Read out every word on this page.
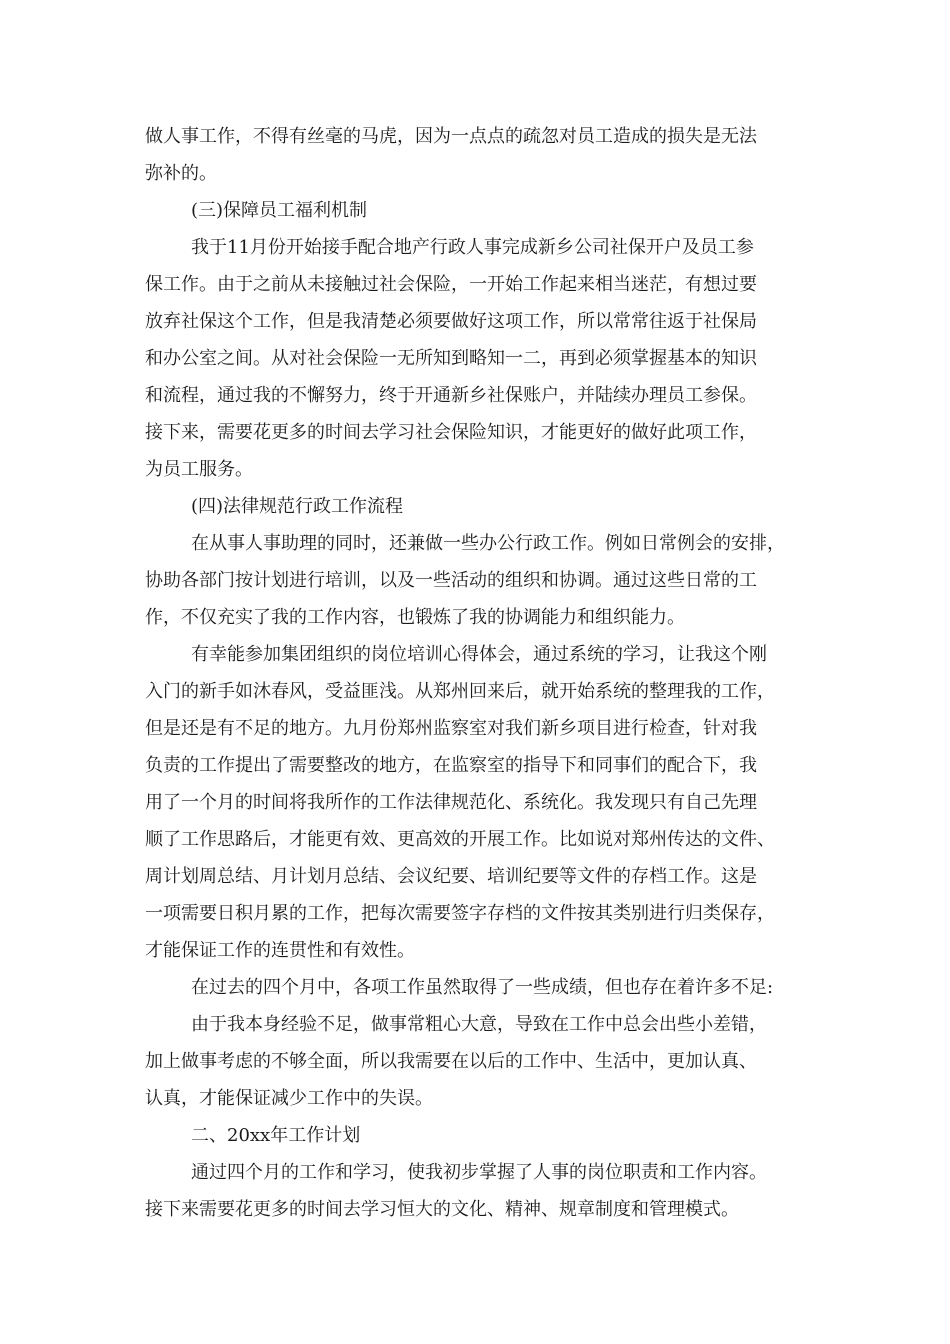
做人事工作，不得有丝毫的马虎，因为一点点的疏忽对员工造成的损失是无法
弥补的。
(三)保障员工福利机制
我于11月份开始接手配合地产行政人事完成新乡公司社保开户及员工参
保工作。由于之前从未接触过社会保险，一开始工作起来相当迷茫，有想过要
放弃社保这个工作，但是我清楚必须要做好这项工作，所以常常往返于社保局
和办公室之间。从对社会保险一无所知到略知一二，再到必须掌握基本的知识
和流程，通过我的不懈努力，终于开通新乡社保账户，并陆续办理员工参保。
接下来，需要花更多的时间去学习社会保险知识，才能更好的做好此项工作，
为员工服务。
(四)法律规范行政工作流程
在从事人事助理的同时，还兼做一些办公行政工作。例如日常例会的安排，
协助各部门按计划进行培训，以及一些活动的组织和协调。通过这些日常的工
作，不仅充实了我的工作内容，也锻炼了我的协调能力和组织能力。
有幸能参加集团组织的岗位培训心得体会，通过系统的学习，让我这个刚
入门的新手如沐春风，受益匪浅。从郑州回来后，就开始系统的整理我的工作，
但是还是有不足的地方。九月份郑州监察室对我们新乡项目进行检查，针对我
负责的工作提出了需要整改的地方，在监察室的指导下和同事们的配合下，我
用了一个月的时间将我所作的工作法律规范化、系统化。我发现只有自己先理
顺了工作思路后，才能更有效、更高效的开展工作。比如说对郑州传达的文件、
周计划周总结、月计划月总结、会议纪要、培训纪要等文件的存档工作。这是
一项需要日积月累的工作，把每次需要签字存档的文件按其类别进行归类保存，
才能保证工作的连贯性和有效性。
在过去的四个月中，各项工作虽然取得了一些成绩，但也存在着许多不足:
由于我本身经验不足，做事常粗心大意，导致在工作中总会出些小差错，
加上做事考虑的不够全面，所以我需要在以后的工作中、生活中，更加认真、
认真，才能保证减少工作中的失误。
二、20xx年工作计划
通过四个月的工作和学习，使我初步掌握了人事的岗位职责和工作内容。
接下来需要花更多的时间去学习恒大的文化、精神、规章制度和管理模式。
